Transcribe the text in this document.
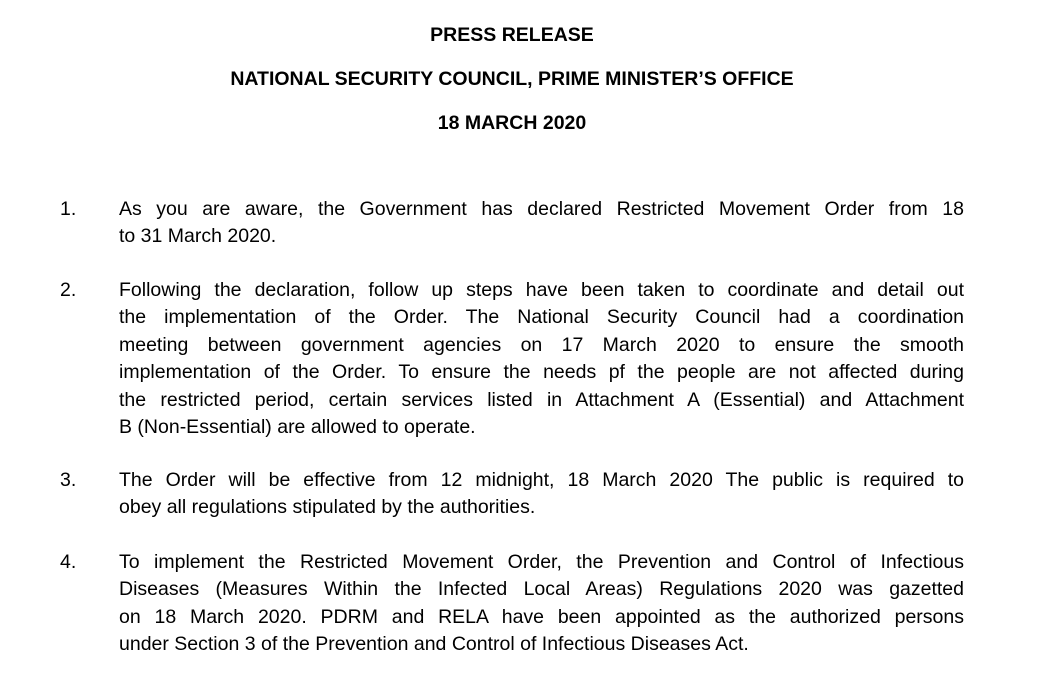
PRESS RELEASE
NATIONAL SECURITY COUNCIL, PRIME MINISTER’S OFFICE
18 MARCH 2020
1. As you are aware, the Government has declared Restricted Movement Order from 18
to 31 March 2020.
2. Following the declaration, follow up steps have been taken to coordinate and detail out
the implementation of the Order. The National Security Council had a coordination
meeting between government agencies on 17 March 2020 to ensure the smooth
implementation of the Order. To ensure the needs pf the people are not affected during
the restricted period, certain services listed in Attachment A (Essential) and Attachment
B (Non-Essential) are allowed to operate.
3. The Order will be effective from 12 midnight, 18 March 2020 The public is required to
obey all regulations stipulated by the authorities.
4. To implement the Restricted Movement Order, the Prevention and Control of Infectious
Diseases (Measures Within the Infected Local Areas) Regulations 2020 was gazetted
on 18 March 2020. PDRM and RELA have been appointed as the authorized persons
under Section 3 of the Prevention and Control of Infectious Diseases Act.
